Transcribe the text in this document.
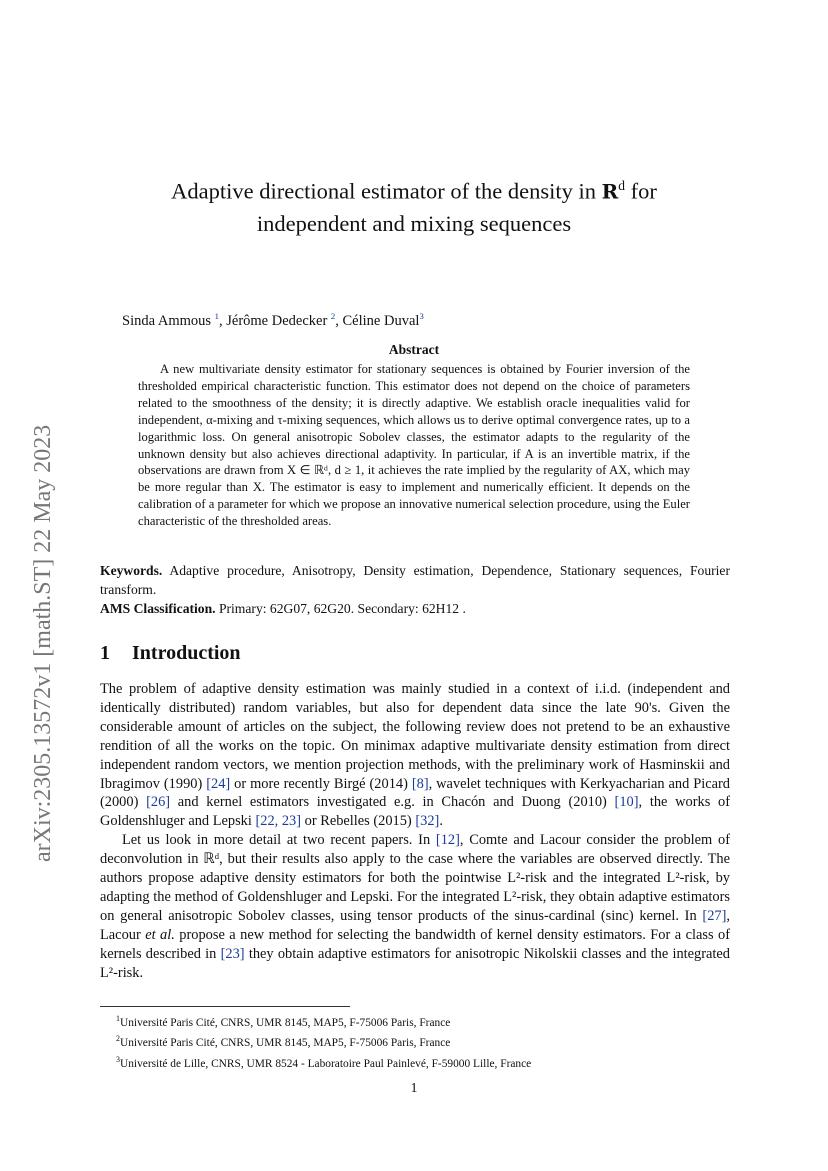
arXiv:2305.13572v1 [math.ST] 22 May 2023
Adaptive directional estimator of the density in $R^d$ for
independent and mixing sequences
Sinda Ammous $^1$, Jérôme Dedecker $^2$, Céline Duval$^3$
Abstract
A new multivariate density estimator for stationary sequences is obtained by Fourier inversion of the thresholded empirical characteristic function. This estimator does not depend on the choice of parameters related to the smoothness of the density; it is directly adaptive. We establish oracle inequalities valid for independent, α-mixing and τ-mixing sequences, which allows us to derive optimal convergence rates, up to a logarithmic loss. On general anisotropic Sobolev classes, the estimator adapts to the regularity of the unknown density but also achieves directional adaptivity. In particular, if A is an invertible matrix, if the observations are drawn from X ∈ ℝᵈ, d ≥ 1, it achieves the rate implied by the regularity of AX, which may be more regular than X. The estimator is easy to implement and numerically efficient. It depends on the calibration of a parameter for which we propose an innovative numerical selection procedure, using the Euler characteristic of the thresholded areas.
Keywords. Adaptive procedure, Anisotropy, Density estimation, Dependence, Stationary sequences, Fourier transform.
AMS Classification. Primary: 62G07, 62G20. Secondary: 62H12 .
1 Introduction

The problem of adaptive density estimation was mainly studied in a context of i.i.d. (independent and identically distributed) random variables, but also for dependent data since the late 90's. Given the considerable amount of articles on the subject, the following review does not pretend to be an exhaustive rendition of all the works on the topic. On minimax adaptive multivariate density estimation from direct independent random vectors, we mention projection methods, with the preliminary work of Hasminskii and Ibragimov (1990) [24] or more recently Birgé (2014) [8], wavelet techniques with Kerkyacharian and Picard (2000) [26] and kernel estimators investigated e.g. in Chacón and Duong (2010) [10], the works of Goldenshluger and Lepski [22, 23] or Rebelles (2015) [32].

Let us look in more detail at two recent papers. In [12], Comte and Lacour consider the problem of deconvolution in ℝᵈ, but their results also apply to the case where the variables are observed directly. The authors propose adaptive density estimators for both the pointwise L²-risk and the integrated L²-risk, by adapting the method of Goldenshluger and Lepski. For the integrated L²-risk, they obtain adaptive estimators on general anisotropic Sobolev classes, using tensor products of the sinus-cardinal (sinc) kernel. In [27], Lacour et al. propose a new method for selecting the bandwidth of kernel density estimators. For a class of kernels described in [23] they obtain adaptive estimators for anisotropic Nikolskii classes and the integrated L²-risk.

$^1$Université Paris Cité, CNRS, UMR 8145, MAP5, F-75006 Paris, France
$^2$Université Paris Cité, CNRS, UMR 8145, MAP5, F-75006 Paris, France
$^3$Université de Lille, CNRS, UMR 8524 - Laboratoire Paul Painlevé, F-59000 Lille, France
1
